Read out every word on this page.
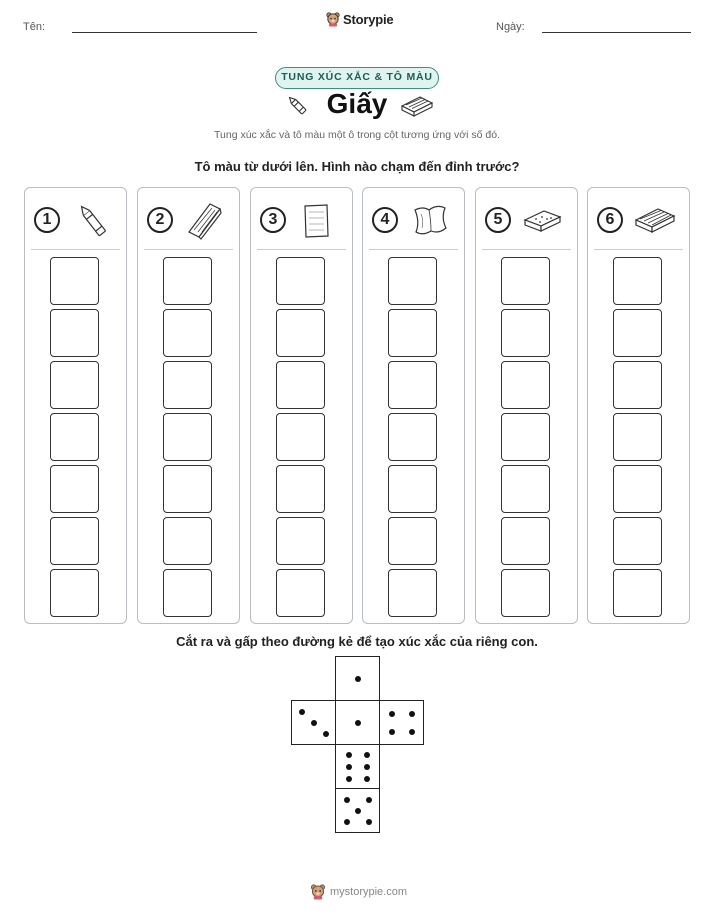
Tên:	Storypie	Ngày:
TUNG XÚC XẮC & TÔ MÀU
Giấy
Tung xúc xắc và tô màu một ô trong cột tương ứng với số đó.
Tô màu từ dưới lên. Hình nào chạm đến đỉnh trước?
1	2	3	4	5	6
Cắt ra và gấp theo đường kẻ để tạo xúc xắc của riêng con.
mystorypie.com
